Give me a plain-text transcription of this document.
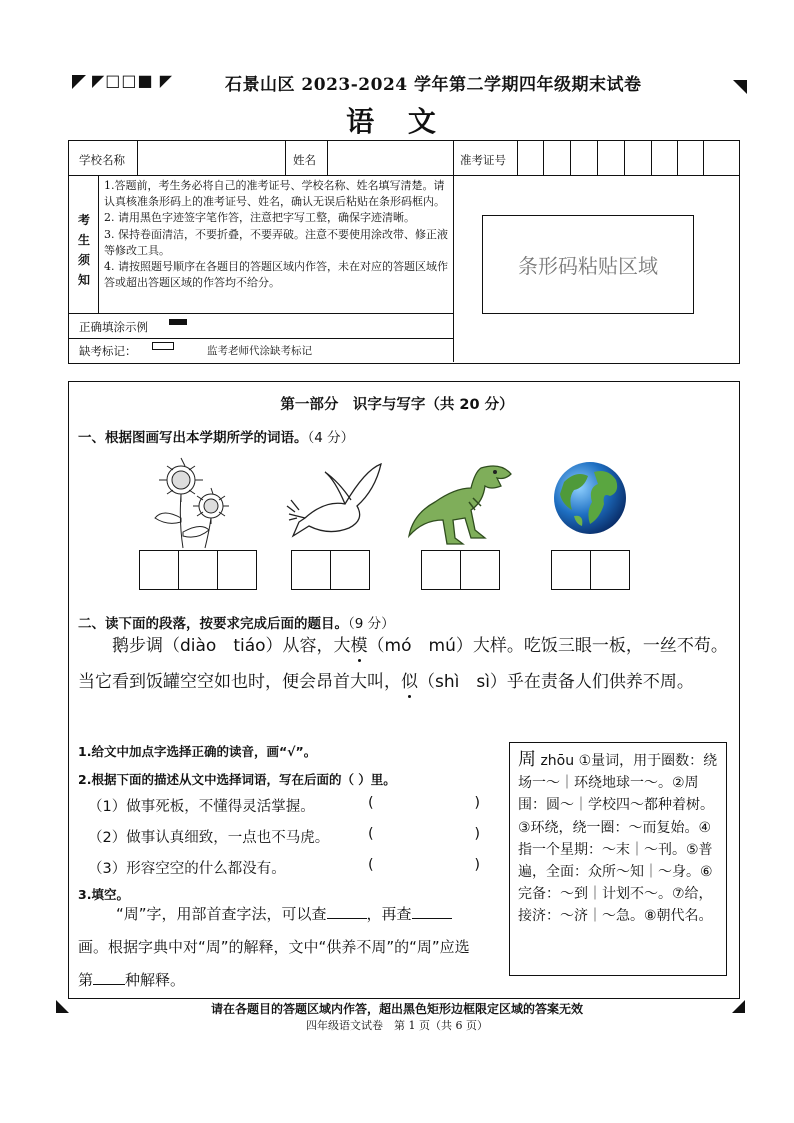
◤□□■ ◤	石景山区 2023-2024 学年第二学期四年级期末试卷
语 文
学校名称	姓名	准考证号
考生须知
1.答题前，考生务必将自己的准考证号、学校名称、姓名填写清楚。请认真核准条形码上的准考证号、姓名，确认无误后粘贴在条形码框内。
2. 请用黑色字迹签字笔作答，注意把字写工整，确保字迹清晰。
3. 保持卷面清洁，不要折叠，不要弄破。注意不要使用涂改带、修正液等修改工具。
4. 请按照题号顺序在各题目的答题区域内作答，未在对应的答题区域作答或超出答题区域的作答均不给分。
正确填涂示例
缺考标记：	监考老师代涂缺考标记
条形码粘贴区域
第一部分　识字与写字（共 20 分）
一、根据图画写出本学期所学的词语。（4 分）
二、读下面的段落，按要求完成后面的题目。（9 分）
鹅步调（diào　tiáo）从容，大模（mó　mú）大样。吃饭三眼一板，一丝不苟。当它看到饭罐空空如也时，便会昂首大叫，似（shì　sì）乎在责备人们供养不周。
1.给文中加点字选择正确的读音，画“√”。
2.根据下面的描述从文中选择词语，写在后面的（ ）里。
（1）做事死板，不懂得灵活掌握。	(	)
（2）做事认真细致，一点也不马虎。	(	)
（3）形容空空的什么都没有。	(	)
3.填空。
“周”字，用部首查字法，可以查	，再查画。根据字典中对“周”的解释，文中“供养不周”的“周”应选第 种解释。
周 zhōu ①量词，用于圈数：绕场一～｜环绕地球一～。②周围：圆～｜学校四～都种着树。③环绕，绕一圈：～而复始。④指一个星期：～末｜～刊。⑤普遍，全面：众所～知｜～身。⑥完备：～到｜计划不～。⑦给，接济：～济｜～急。⑧朝代名。
请在各题目的答题区域内作答，超出黑色矩形边框限定区域的答案无效
四年级语文试卷　第 1 页（共 6 页）
